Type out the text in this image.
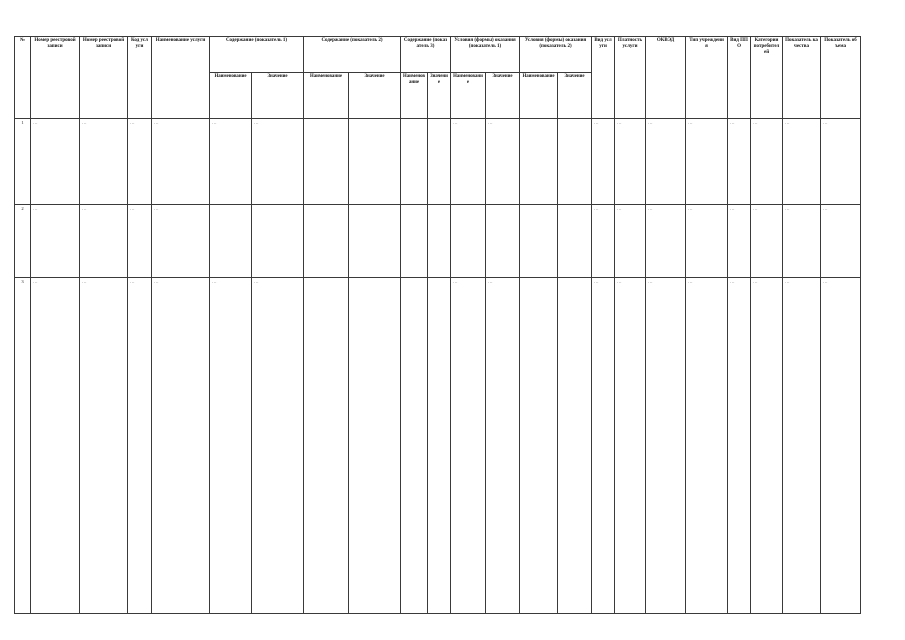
№	Номер реестровой записи	Номер реестровой записи	Код услуги	Наименование услуги	Содержание (показатель 1)		Содержание (показатель 2)		Содержание (показатель 3)		Условия (формы) оказания (показатель 1)		Условия (формы) оказания (показатель 2)		Вид услуги	Платность услуги	ОКВЭД	Тип учреждения	Вид ППО	Категории потребителей	Показатель качества	Показатель объема
					Наименование	Значение	Наименование	Значение	Наименование	Значение	Наименование	Значение	Наименование	Значение								
1	…	…	…	…	…	…					…	…			…	…	…	…	…	…	…	…
2	…	…	…	…											…	…	…	…	…	…	…	…
3	…	…	…	…	…	…					…	…			…	…	…	…	…	…	…	…
